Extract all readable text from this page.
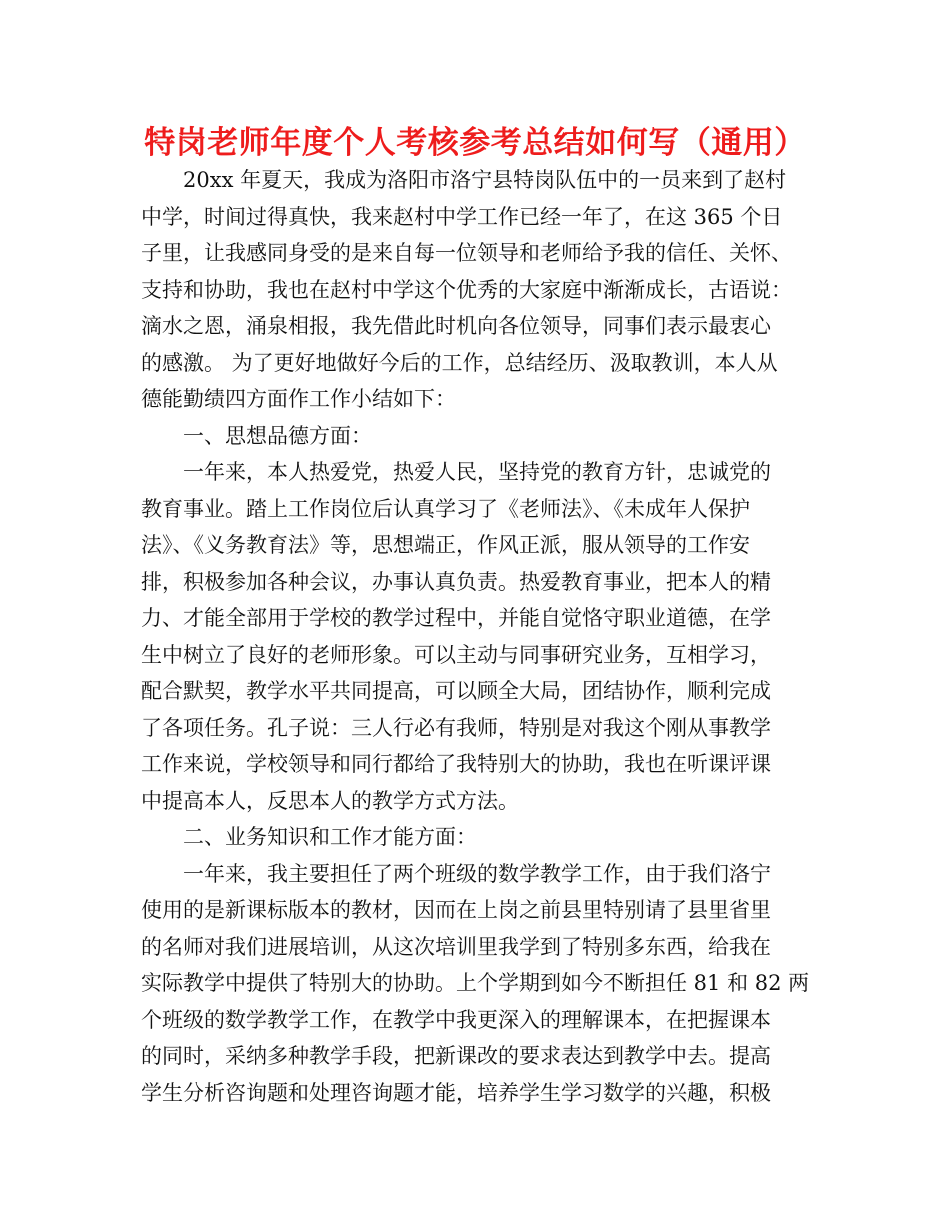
特岗老师年度个人考核参考总结如何写（通用）
20xx 年夏天，我成为洛阳市洛宁县特岗队伍中的一员来到了赵村
中学，时间过得真快，我来赵村中学工作已经一年了，在这 365 个日
子里，让我感同身受的是来自每一位领导和老师给予我的信任、关怀、
支持和协助，我也在赵村中学这个优秀的大家庭中渐渐成长，古语说：
滴水之恩，涌泉相报，我先借此时机向各位领导，同事们表示最衷心
的感激。 为了更好地做好今后的工作，总结经历、汲取教训，本人从
德能勤绩四方面作工作小结如下：
一、思想品德方面：
一年来，本人热爱党，热爱人民，坚持党的教育方针，忠诚党的
教育事业。踏上工作岗位后认真学习了《老师法》、《未成年人保护
法》、《义务教育法》等，思想端正，作风正派，服从领导的工作安
排，积极参加各种会议，办事认真负责。热爱教育事业，把本人的精
力、才能全部用于学校的教学过程中，并能自觉恪守职业道德，在学
生中树立了良好的老师形象。可以主动与同事研究业务，互相学习，
配合默契，教学水平共同提高，可以顾全大局，团结协作，顺利完成
了各项任务。孔子说：三人行必有我师，特别是对我这个刚从事教学
工作来说，学校领导和同行都给了我特别大的协助，我也在听课评课
中提高本人，反思本人的教学方式方法。
二、业务知识和工作才能方面：
一年来，我主要担任了两个班级的数学教学工作，由于我们洛宁
使用的是新课标版本的教材，因而在上岗之前县里特别请了县里省里
的名师对我们进展培训，从这次培训里我学到了特别多东西，给我在
实际教学中提供了特别大的协助。上个学期到如今不断担任 81 和 82 两
个班级的数学教学工作，在教学中我更深入的理解课本，在把握课本
的同时，采纳多种教学手段，把新课改的要求表达到教学中去。提高
学生分析咨询题和处理咨询题才能，培养学生学习数学的兴趣，积极
